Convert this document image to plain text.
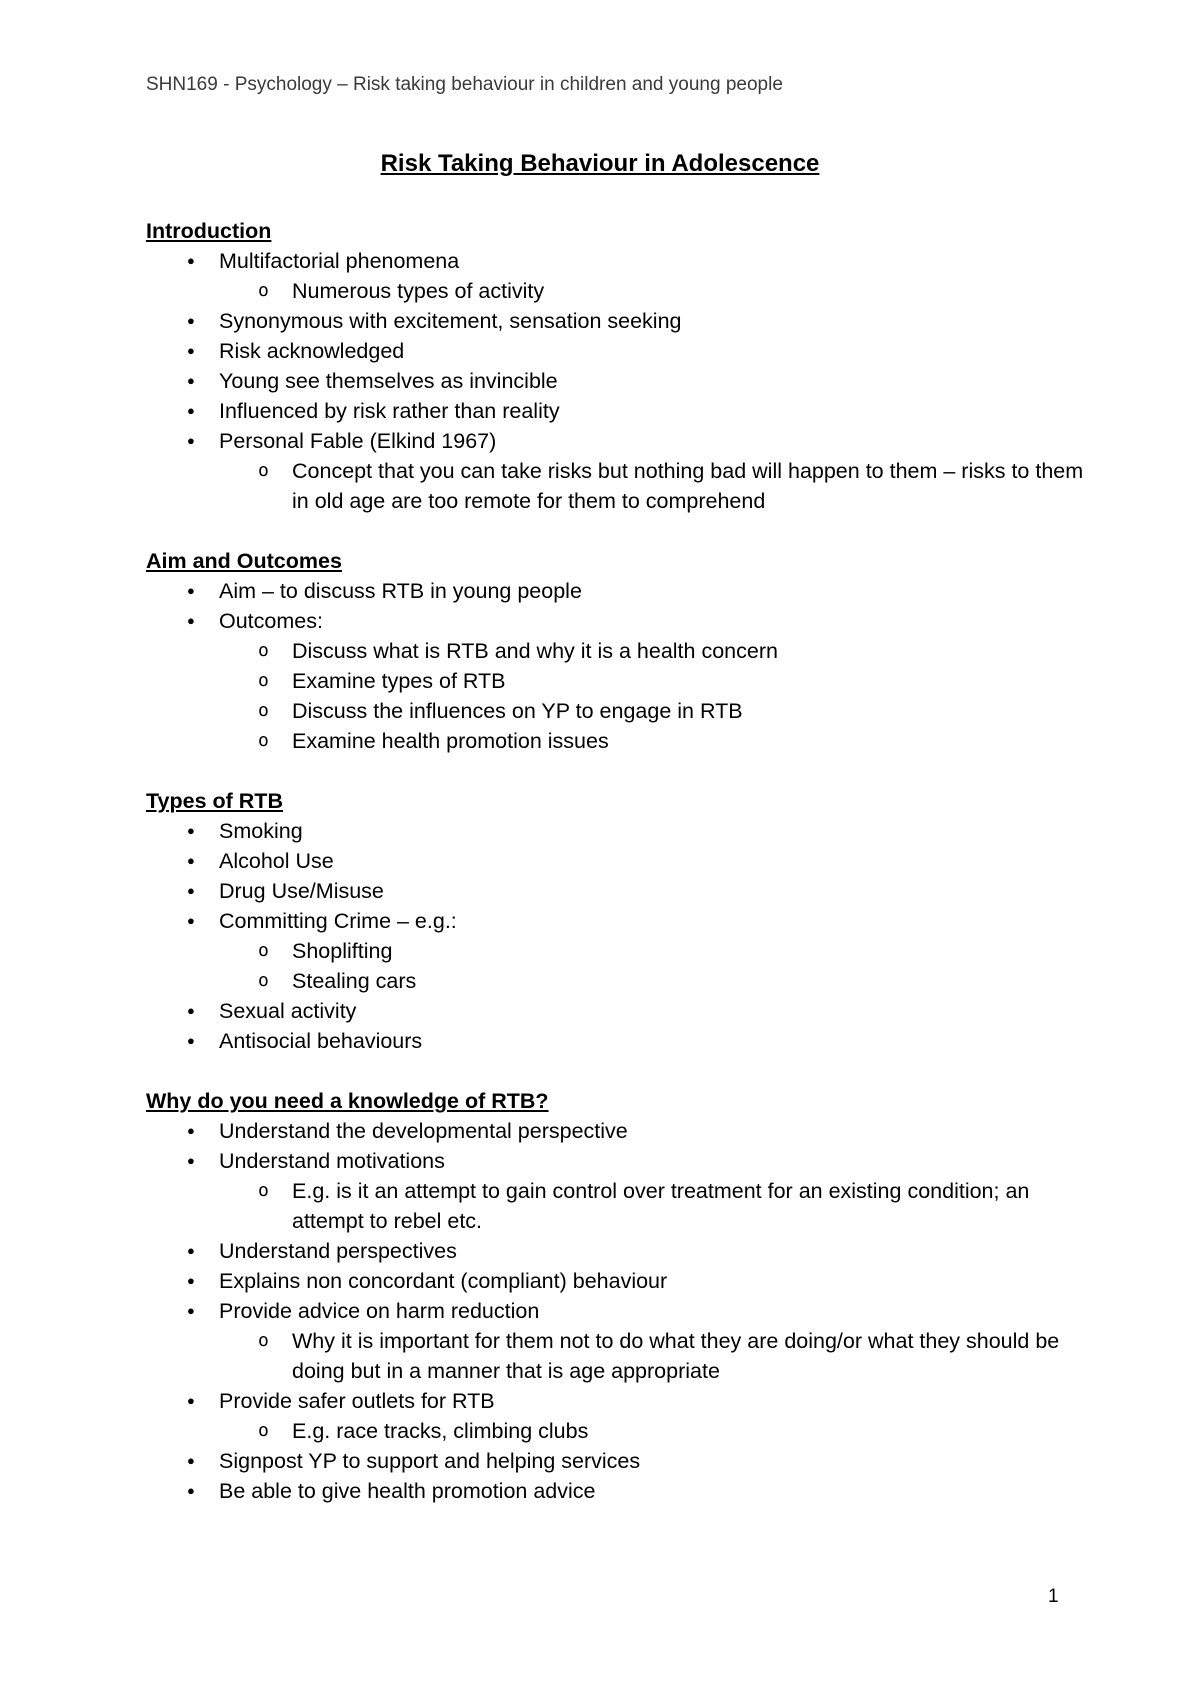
SHN169 - Psychology – Risk taking behaviour in children and young people
Risk Taking Behaviour in Adolescence
Introduction
● Multifactorial phenomena
o Numerous types of activity
● Synonymous with excitement, sensation seeking
● Risk acknowledged
● Young see themselves as invincible
● Influenced by risk rather than reality
● Personal Fable (Elkind 1967)
o Concept that you can take risks but nothing bad will happen to them – risks to them in old age are too remote for them to comprehend
Aim and Outcomes
● Aim – to discuss RTB in young people
● Outcomes:
o Discuss what is RTB and why it is a health concern
o Examine types of RTB
o Discuss the influences on YP to engage in RTB
o Examine health promotion issues
Types of RTB
● Smoking
● Alcohol Use
● Drug Use/Misuse
● Committing Crime – e.g.:
o Shoplifting
o Stealing cars
● Sexual activity
● Antisocial behaviours
Why do you need a knowledge of RTB?
● Understand the developmental perspective
● Understand motivations
o E.g. is it an attempt to gain control over treatment for an existing condition; an attempt to rebel etc.
● Understand perspectives
● Explains non concordant (compliant) behaviour
● Provide advice on harm reduction
o Why it is important for them not to do what they are doing/or what they should be doing but in a manner that is age appropriate
● Provide safer outlets for RTB
o E.g. race tracks, climbing clubs
● Signpost YP to support and helping services
● Be able to give health promotion advice
1
